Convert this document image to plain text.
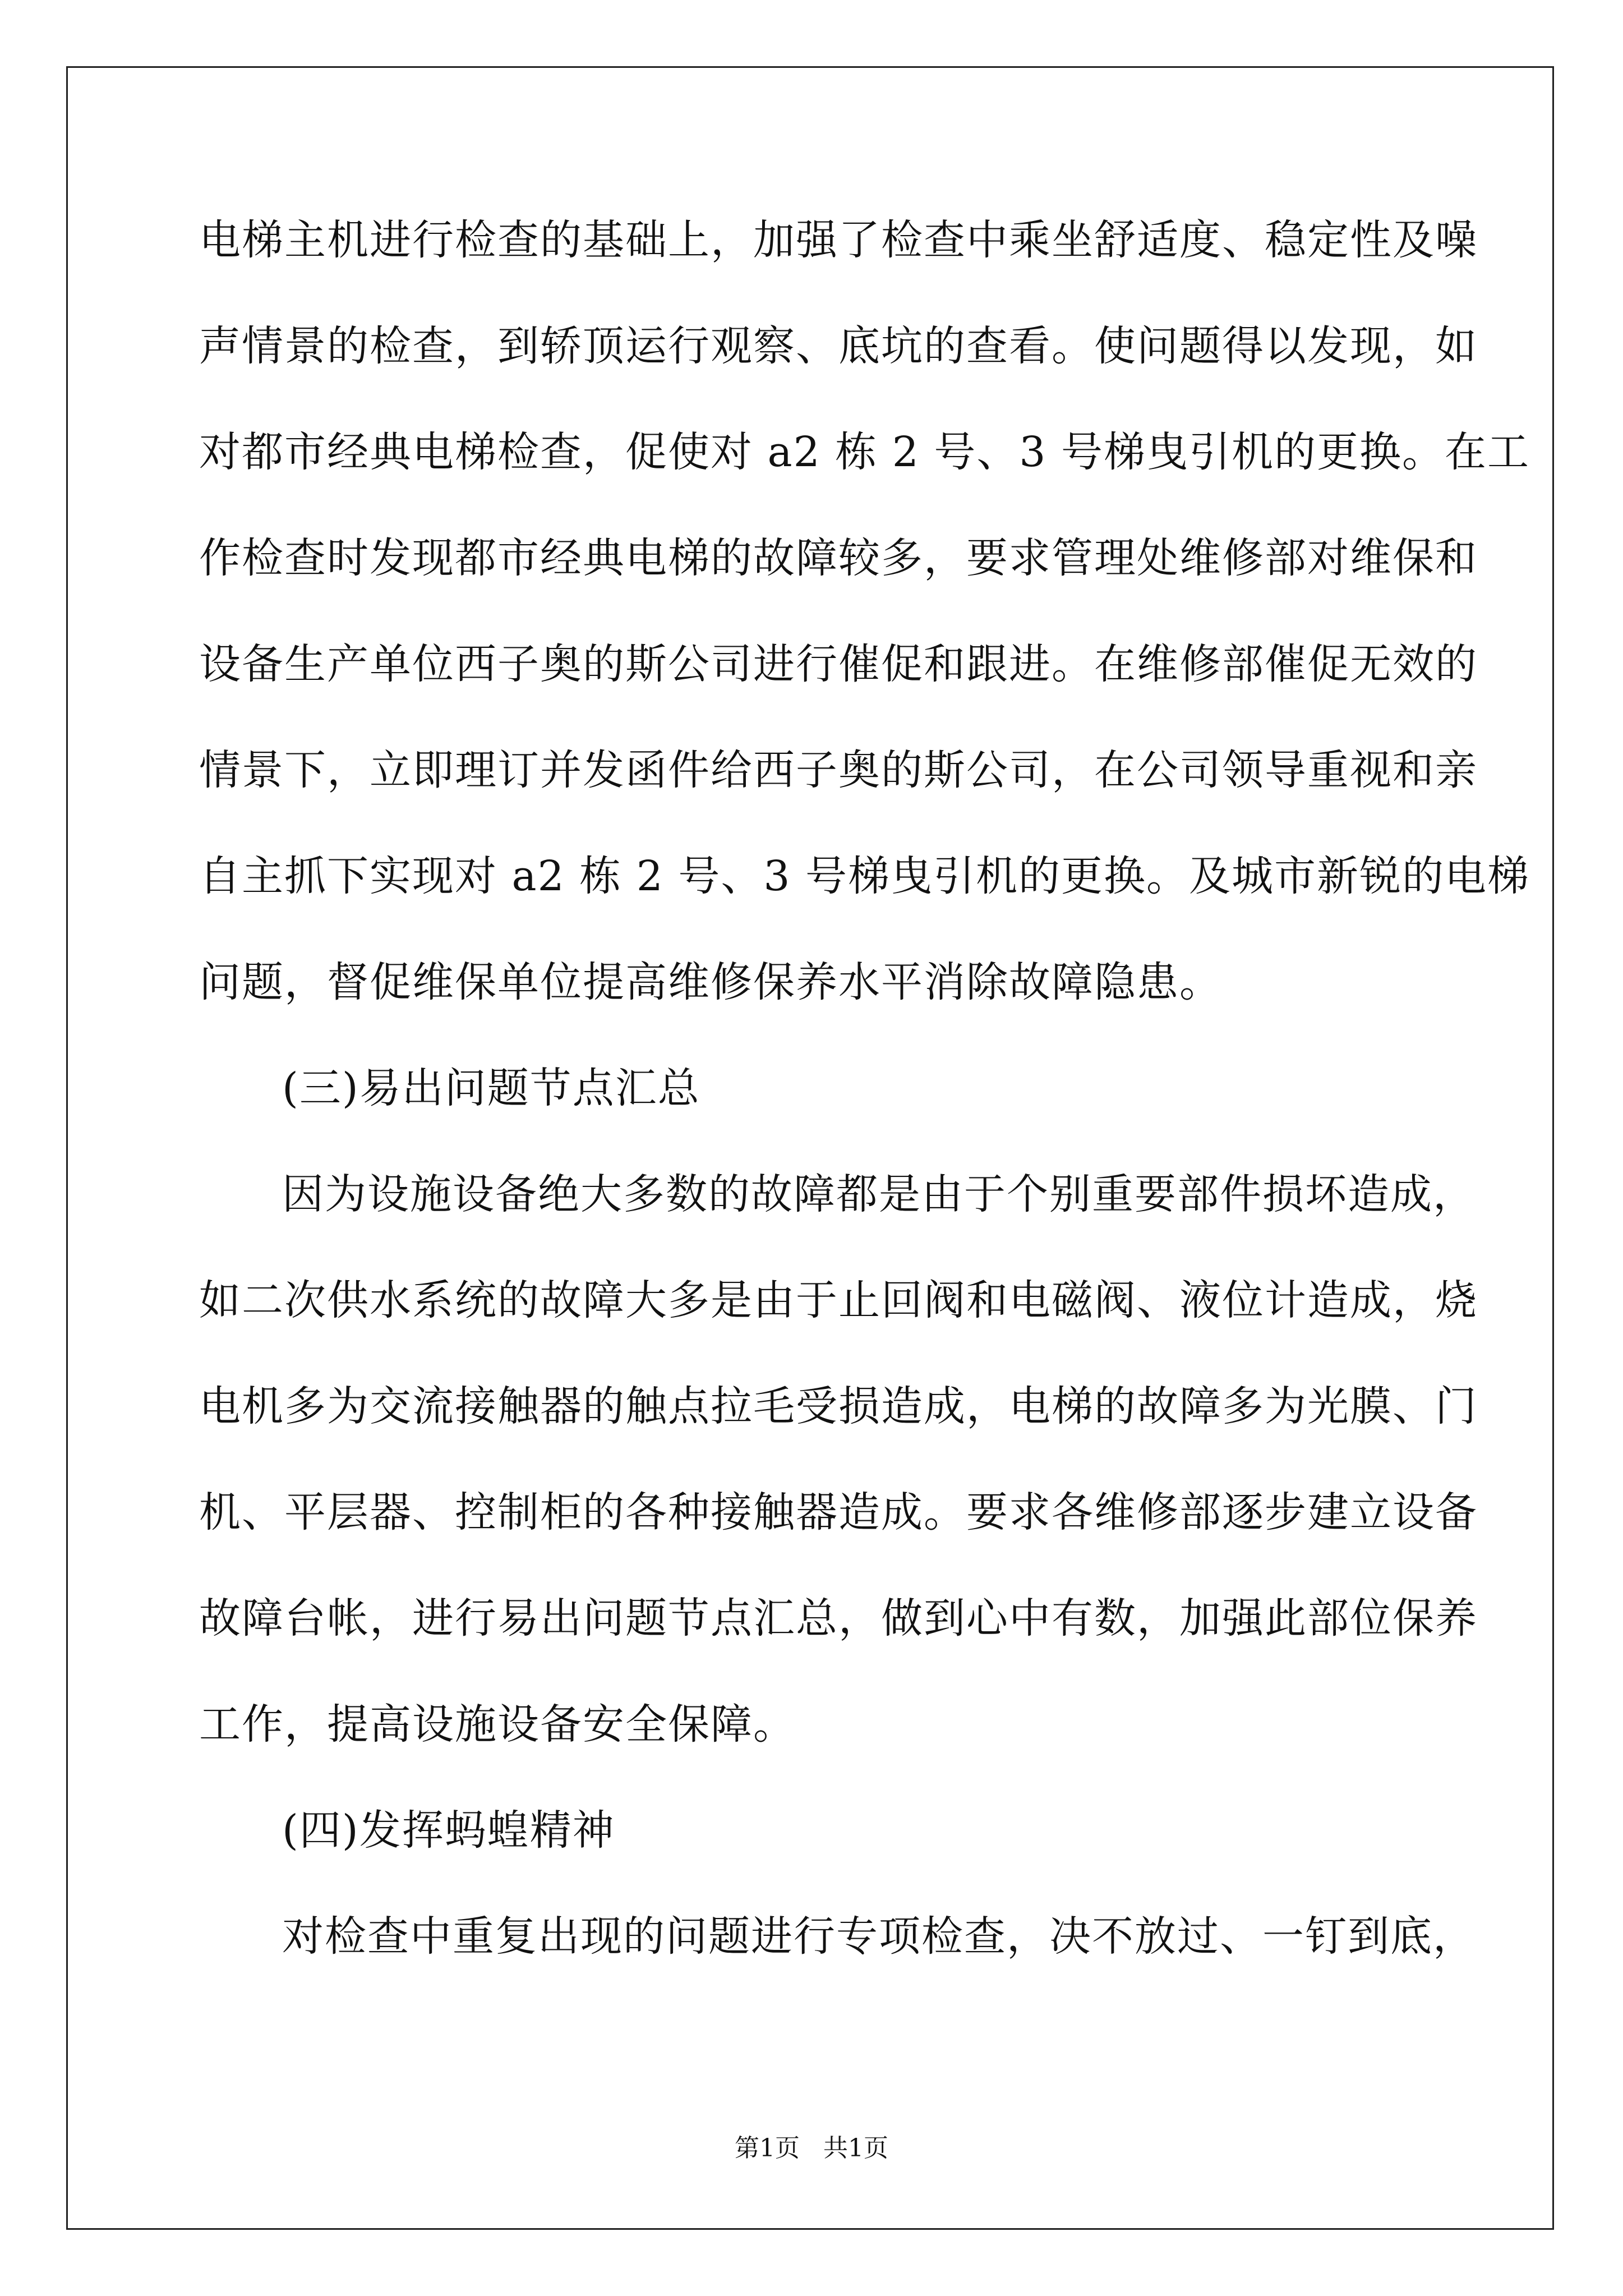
电梯主机进行检查的基础上，加强了检查中乘坐舒适度、稳定性及噪
声情景的检查，到轿顶运行观察、底坑的查看。使问题得以发现，如
对都市经典电梯检查，促使对 a2 栋 2 号、3 号梯曳引机的更换。在工
作检查时发现都市经典电梯的故障较多，要求管理处维修部对维保和
设备生产单位西子奥的斯公司进行催促和跟进。在维修部催促无效的
情景下，立即理订并发函件给西子奥的斯公司，在公司领导重视和亲
自主抓下实现对 a2 栋 2 号、3 号梯曳引机的更换。及城市新锐的电梯
问题，督促维保单位提高维修保养水平消除故障隐患。
(三)易出问题节点汇总
因为设施设备绝大多数的故障都是由于个别重要部件损坏造成，
如二次供水系统的故障大多是由于止回阀和电磁阀、液位计造成，烧
电机多为交流接触器的触点拉毛受损造成，电梯的故障多为光膜、门
机、平层器、控制柜的各种接触器造成。要求各维修部逐步建立设备
故障台帐，进行易出问题节点汇总，做到心中有数，加强此部位保养
工作，提高设施设备安全保障。
(四)发挥蚂蝗精神
对检查中重复出现的问题进行专项检查，决不放过、一钉到底，
第1页   共1页
